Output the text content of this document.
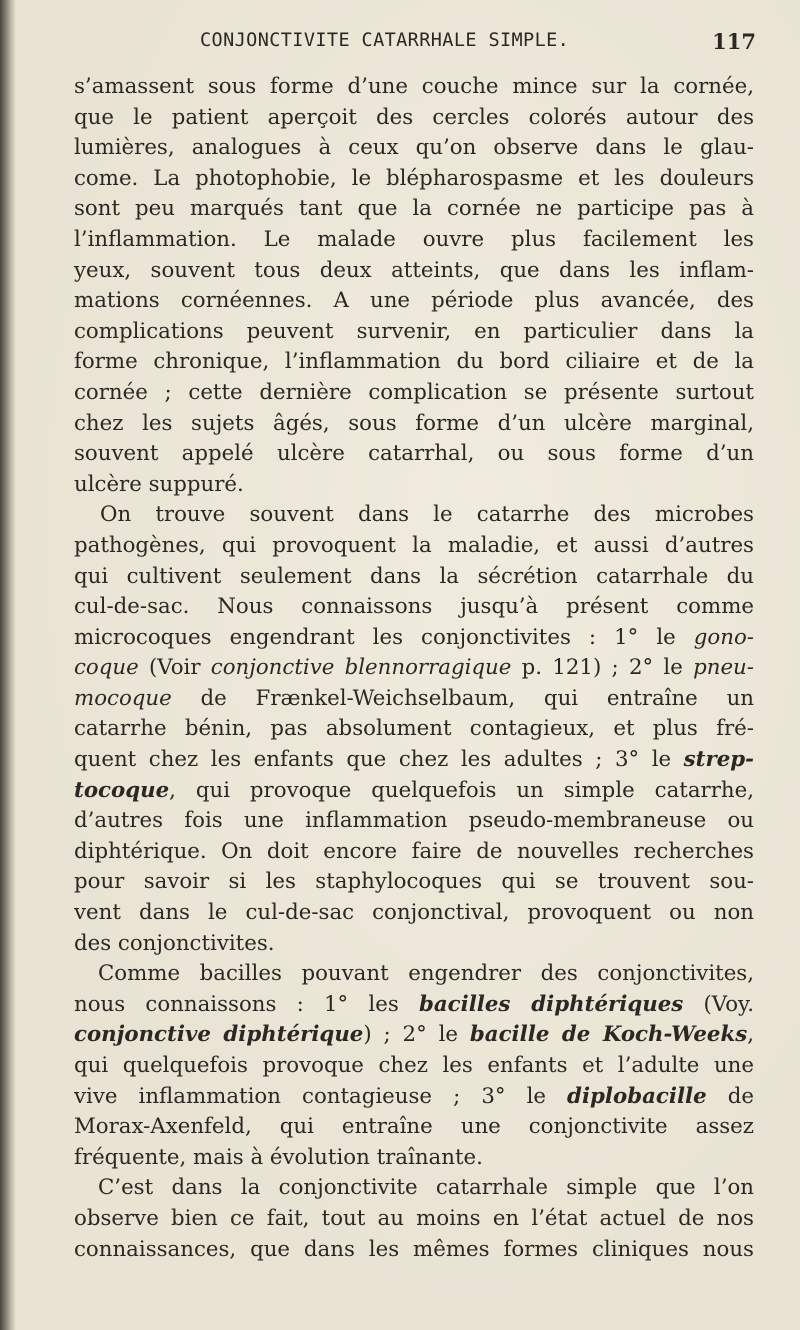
CONJONCTIVITE CATARRHALE SIMPLE.	117
s’amassent sous forme d’une couche mince sur la cornée,
que le patient aperçoit des cercles colorés autour des
lumières, analogues à ceux qu’on observe dans le glau-
come. La photophobie, le blépharospasme et les douleurs
sont peu marqués tant que la cornée ne participe pas à
l’inflammation. Le malade ouvre plus facilement les
yeux, souvent tous deux atteints, que dans les inflam-
mations cornéennes. A une période plus avancée, des
complications peuvent survenir, en particulier dans la
forme chronique, l’inflammation du bord ciliaire et de la
cornée ; cette dernière complication se présente surtout
chez les sujets âgés, sous forme d’un ulcère marginal,
souvent appelé ulcère catarrhal, ou sous forme d’un
ulcère suppuré.
On trouve souvent dans le catarrhe des microbes
pathogènes, qui provoquent la maladie, et aussi d’autres
qui cultivent seulement dans la sécrétion catarrhale du
cul-de-sac. Nous connaissons jusqu’à présent comme
microcoques engendrant les conjonctivites : 1° le gono-
coque (Voir conjonctive blennorragique p. 121) ; 2° le pneu-
mocoque de Frænkel-Weichselbaum, qui entraîne un
catarrhe bénin, pas absolument contagieux, et plus fré-
quent chez les enfants que chez les adultes ; 3° le strep-
tocoque, qui provoque quelquefois un simple catarrhe,
d’autres fois une inflammation pseudo-membraneuse ou
diphtérique. On doit encore faire de nouvelles recherches
pour savoir si les staphylocoques qui se trouvent sou-
vent dans le cul-de-sac conjonctival, provoquent ou non
des conjonctivites.
Comme bacilles pouvant engendrer des conjonctivites,
nous connaissons : 1° les bacilles diphtériques (Voy.
conjonctive diphtérique) ; 2° le bacille de Koch-Weeks,
qui quelquefois provoque chez les enfants et l’adulte une
vive inflammation contagieuse ; 3° le diplobacille de
Morax-Axenfeld, qui entraîne une conjonctivite assez
fréquente, mais à évolution traînante.
C’est dans la conjonctivite catarrhale simple que l’on
observe bien ce fait, tout au moins en l’état actuel de nos
connaissances, que dans les mêmes formes cliniques nous
